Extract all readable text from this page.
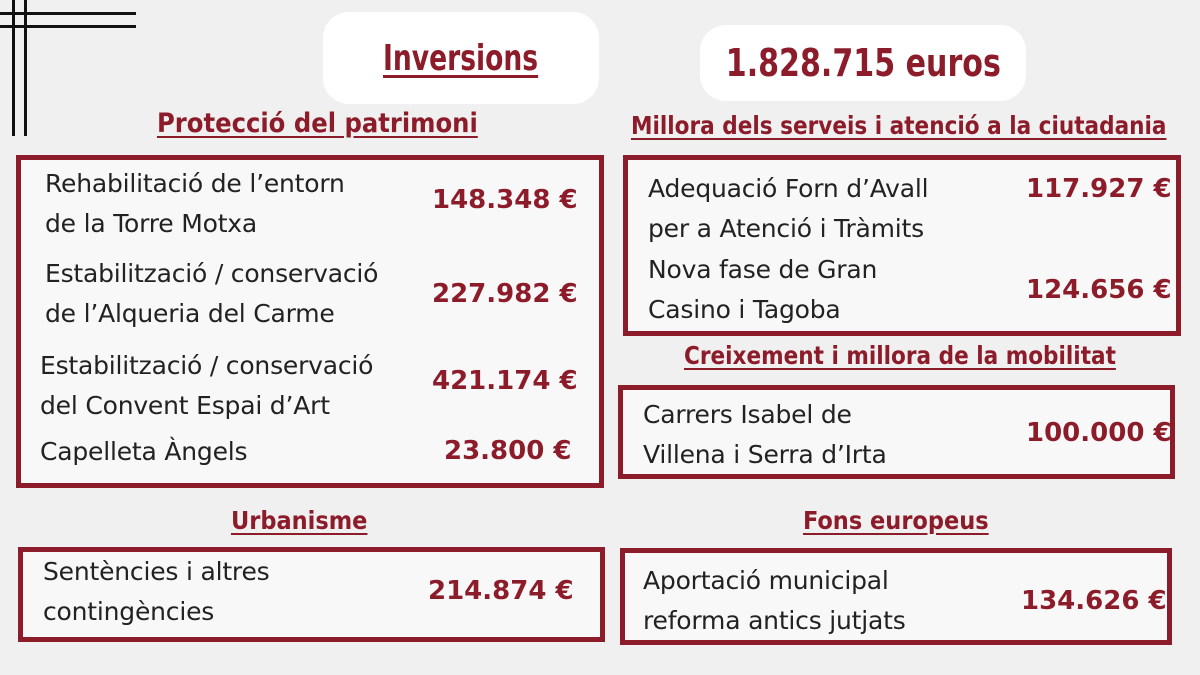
Inversions	1.828.715 euros
Protecció del patrimoni
Rehabilitació de l’entorn
de la Torre Motxa
148.348 €
Estabilització / conservació
de l’Alqueria del Carme
227.982 €
Estabilització / conservació
del Convent Espai d’Art
421.174 €
Capelleta Àngels	23.800 €
Millora dels serveis i atenció a la ciutadania
Adequació Forn d’Avall
per a Atenció i Tràmits
117.927 €
Nova fase de Gran
Casino i Tagoba
124.656 €
Creixement i millora de la mobilitat
Carrers Isabel de
Villena i Serra d’Irta
100.000 €
Urbanisme
Sentències i altres
contingències
214.874 €
Fons europeus
Aportació municipal
reforma antics jutjats
134.626 €
